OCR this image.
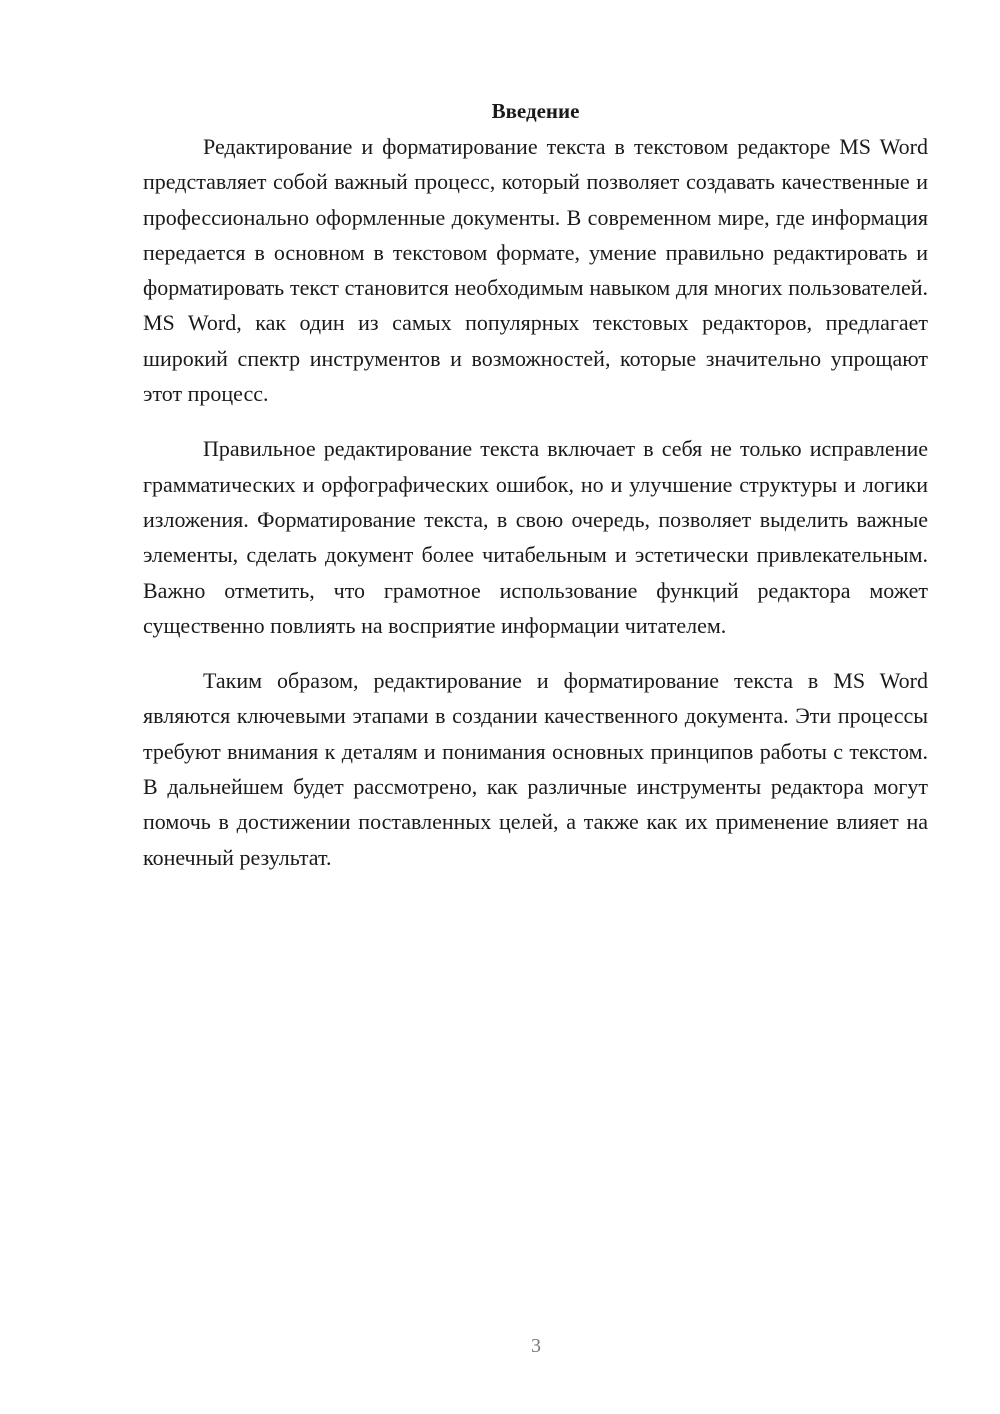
Введение

Редактирование и форматирование текста в текстовом редакторе MS Word представляет собой важный процесс, который позволяет создавать качественные и профессионально оформленные документы. В современном мире, где информация передается в основном в текстовом формате, умение правильно редактировать и форматировать текст становится необходимым навыком для многих пользователей. MS Word, как один из самых популярных текстовых редакторов, предлагает широкий спектр инструментов и возможностей, которые значительно упрощают этот процесс.

Правильное редактирование текста включает в себя не только исправление грамматических и орфографических ошибок, но и улучшение структуры и логики изложения. Форматирование текста, в свою очередь, позволяет выделить важные элементы, сделать документ более читабельным и эстетически привлекательным. Важно отметить, что грамотное использование функций редактора может существенно повлиять на восприятие информации читателем.

Таким образом, редактирование и форматирование текста в MS Word являются ключевыми этапами в создании качественного документа. Эти процессы требуют внимания к деталям и понимания основных принципов работы с текстом. В дальнейшем будет рассмотрено, как различные инструменты редактора могут помочь в достижении поставленных целей, а также как их применение влияет на конечный результат.

3
